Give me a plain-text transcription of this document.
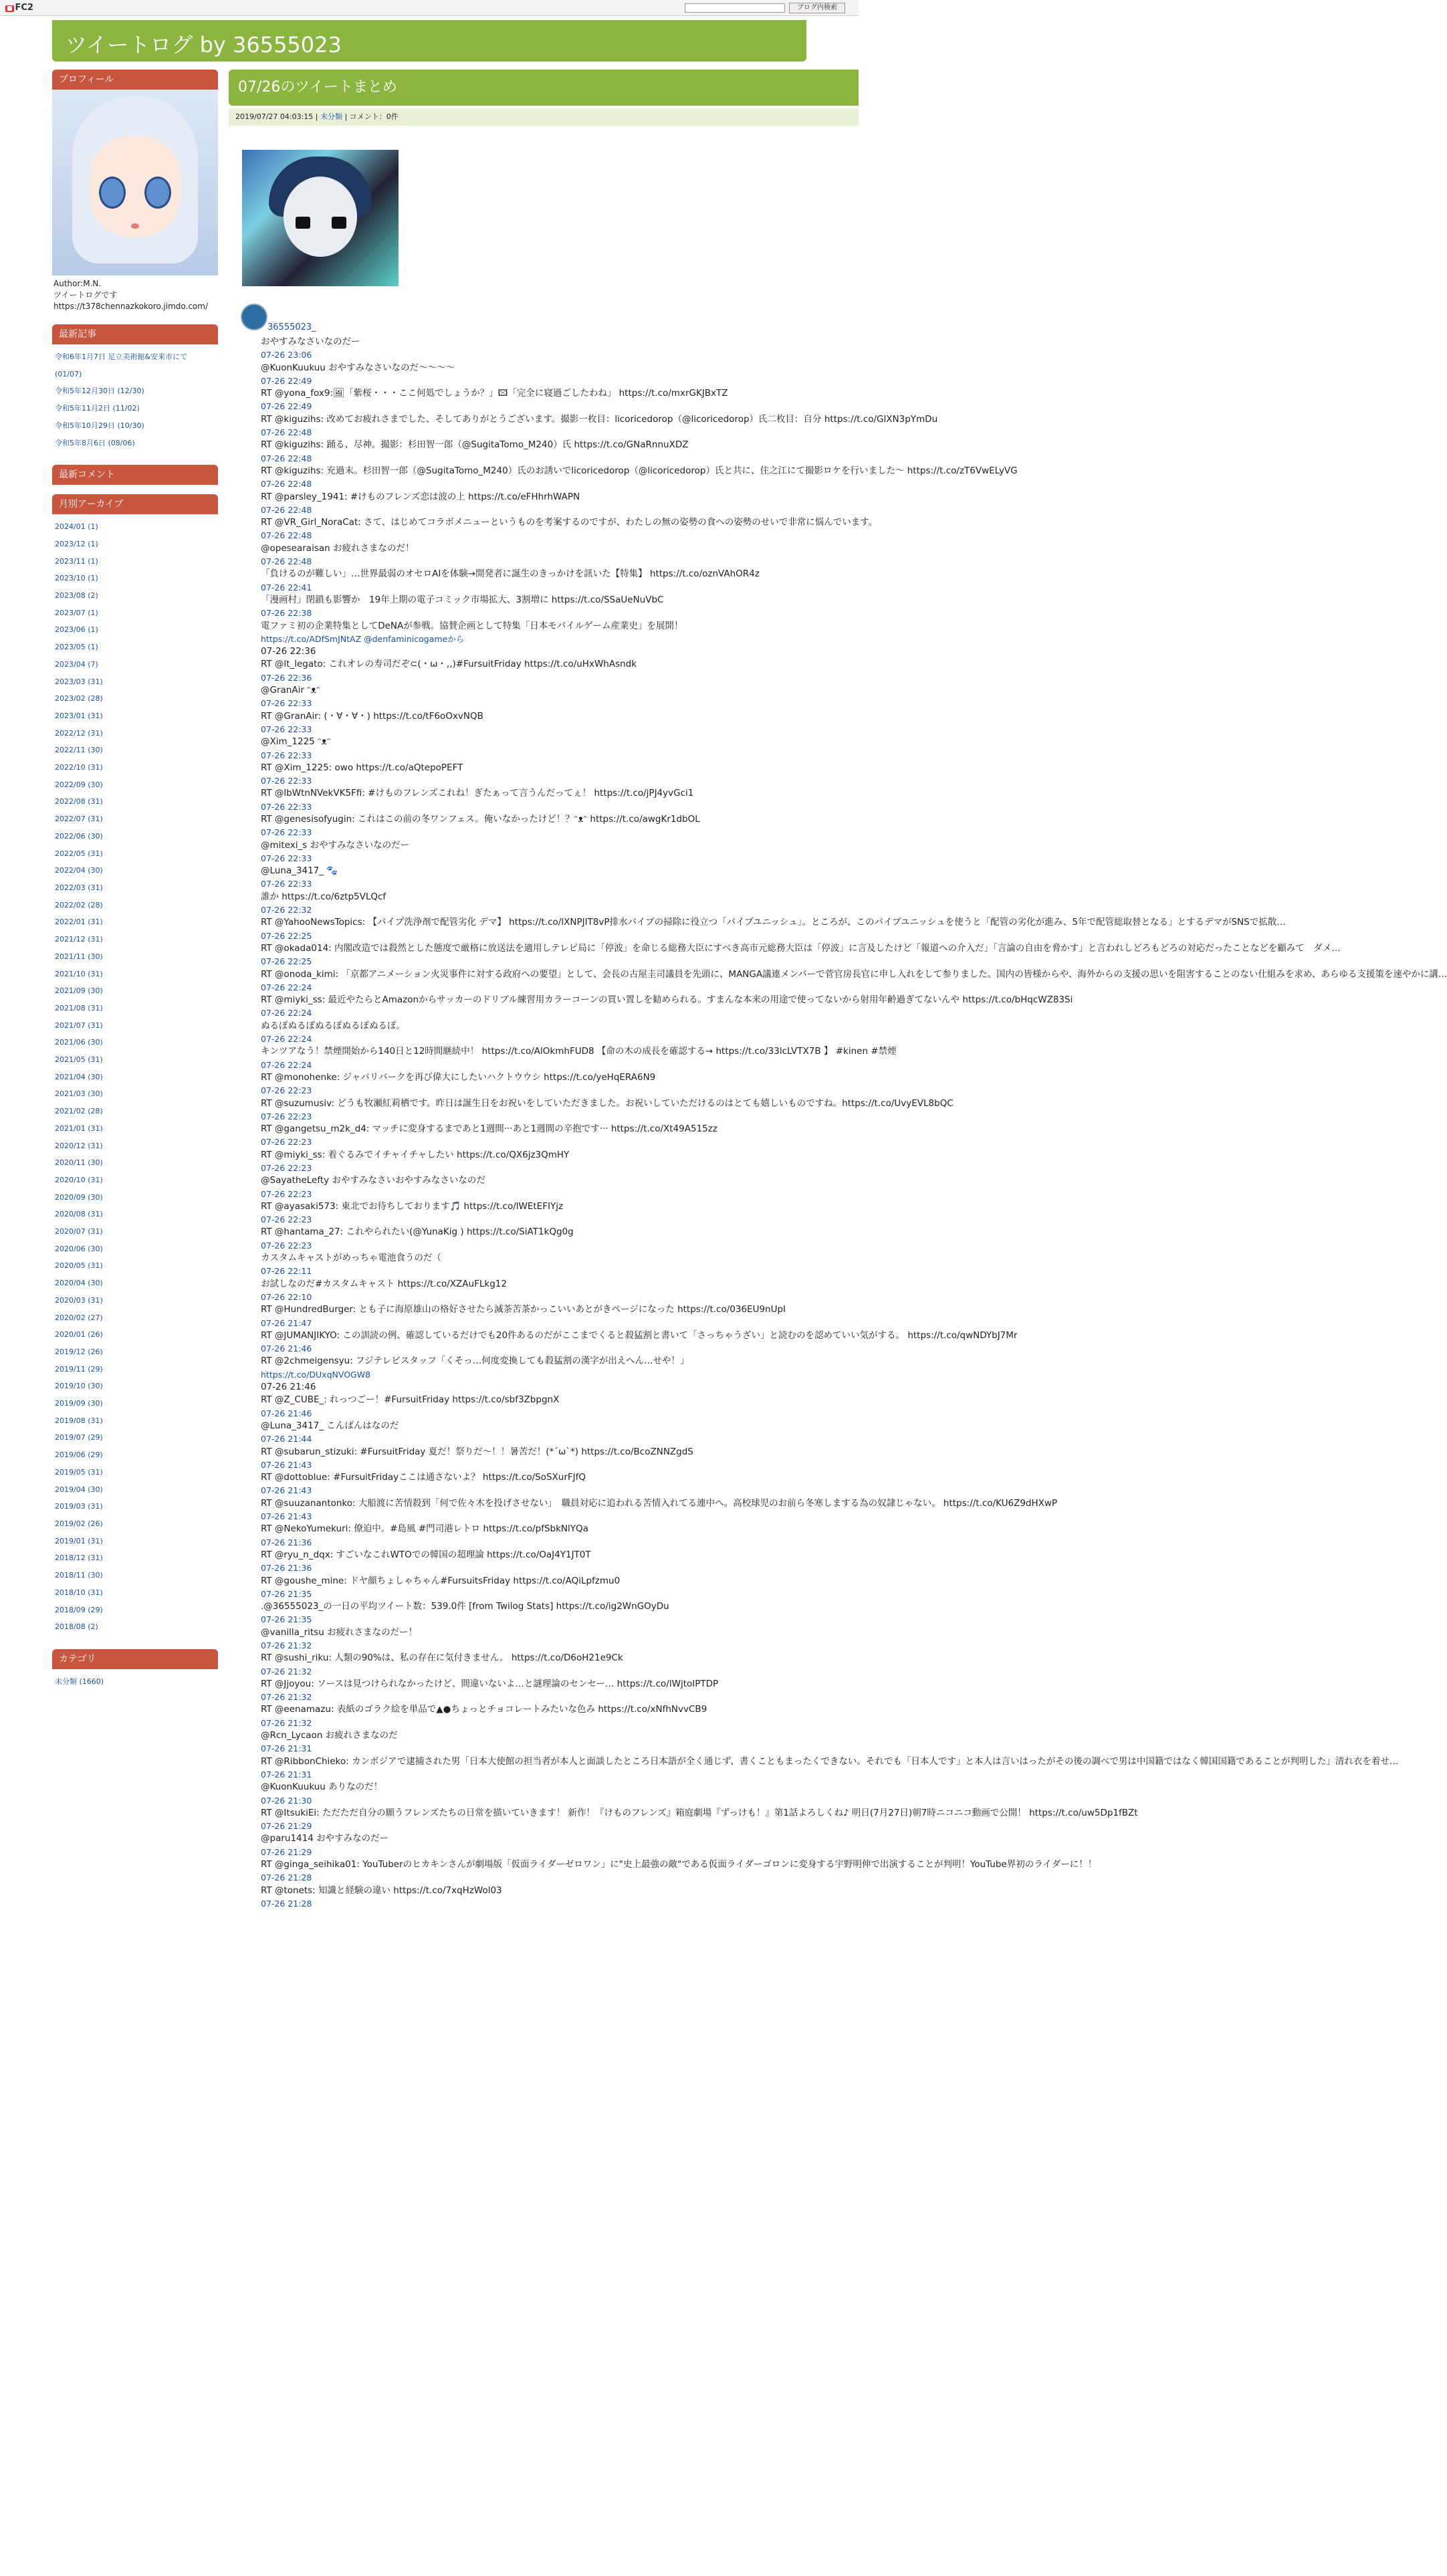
■ FC2	ブログ内検索
ツイートログ by 36555023
プロフィール
Author:M.N.
ツイートログです
https://t378chennazkokoro.jimdo.com/
最新記事
令和6年1月7日 足立美術館&安来市にて (01/07)
令和5年12月30日 (12/30)
令和5年11月2日 (11/02)
令和5年10月29日 (10/30)
令和5年8月6日 (08/06)
最新コメント
月別アーカイブ
2024/01 (1)
2023/12 (1)
2023/11 (1)
2023/10 (1)
2023/08 (2)
2023/07 (1)
2023/06 (1)
2023/05 (1)
2023/04 (7)
2023/03 (31)
2023/02 (28)
2023/01 (31)
2022/12 (31)
2022/11 (30)
2022/10 (31)
2022/09 (30)
2022/08 (31)
2022/07 (31)
2022/06 (30)
2022/05 (31)
2022/04 (30)
2022/03 (31)
2022/02 (28)
2022/01 (31)
2021/12 (31)
2021/11 (30)
2021/10 (31)
2021/09 (30)
2021/08 (31)
2021/07 (31)
2021/06 (30)
2021/05 (31)
2021/04 (30)
2021/03 (30)
2021/02 (28)
2021/01 (31)
2020/12 (31)
2020/11 (30)
2020/10 (31)
2020/09 (30)
2020/08 (31)
2020/07 (31)
2020/06 (30)
2020/05 (31)
2020/04 (30)
2020/03 (31)
2020/02 (27)
2020/01 (26)
2019/12 (26)
2019/11 (29)
2019/10 (30)
2019/09 (30)
2019/08 (31)
2019/07 (29)
2019/06 (29)
2019/05 (31)
2019/04 (30)
2019/03 (31)
2019/02 (26)
2019/01 (31)
2018/12 (31)
2018/11 (30)
2018/10 (31)
2018/09 (29)
2018/08 (2)
カテゴリ
未分類 (1660)
07/26のツイートまとめ
2019/07/27 04:03:15 | 未分類 | コメント：0件
36555023_
おやすみなさいなのだー
07-26 23:06
@KuonKuukuu おやすみなさいなのだ〜〜〜〜
07-26 22:49
RT @yona_fox9:🖼「紫桜・・・ここ何処でしょうか？」🖾「完全に寝過ごしたわね」 https://t.co/mxrGKJBxTZ
07-26 22:49
RT @kiguzihs: 改めてお疲れさまでした、そしてありがとうございます。撮影一枚目：licoricedorop（@licoricedorop）氏二枚目：自分 https://t.co/GlXN3pYmDu
07-26 22:48
RT @kiguzihs: 踊る、尽神。撮影：杉田智一郎（@SugitaTomo_M240）氏 https://t.co/GNaRnnuXDZ
07-26 22:48
RT @kiguzihs: 充過末。杉田智一郎（@SugitaTomo_M240）氏のお誘いでlicoricedorop（@licoricedorop）氏と共に、住之江にて撮影ロケを行いました〜 https://t.co/zT6VwELyVG
07-26 22:48
RT @parsley_1941: #けものフレンズ恋は波の上 https://t.co/eFHhrhWAPN
07-26 22:48
RT @VR_Girl_NoraCat: さて、はじめてコラボメニューというものを考案するのですが、わたしの無の姿勢の食への姿勢のせいで非常に悩んでいます。
07-26 22:48
@opesearaisan お疲れさまなのだ！
07-26 22:48
「負けるのが難しい」…世界最弱のオセロAIを体験→開発者に誕生のきっかけを訊いた【特集】 https://t.co/oznVAhOR4z
07-26 22:41
「漫画村」閉鎖も影響か　19年上期の電子コミック市場拡大、3割増に https://t.co/SSaUeNuVbC
07-26 22:38
電ファミ初の企業特集としてDeNAが参戦。協賛企画として特集「日本モバイルゲーム産業史」を展開！
https://t.co/ADfSmJNtAZ @denfaminicogameから
07-26 22:36
RT @lt_legato: これオレの寿司だぞ⊂(・ω・,,)#FursuitFriday https://t.co/uHxWhAsndk
07-26 22:36
@GranAir ᵔᴥᵔ
07-26 22:33
RT @GranAir: (・∀・∀・) https://t.co/tF6oOxvNQB
07-26 22:33
@Xim_1225 ᵔᴥᵔ
07-26 22:33
RT @Xim_1225: owo https://t.co/aQtepoPEFT
07-26 22:33
RT @lbWtnNVekVK5Ffi: #けものフレンズこれね！ぎたぁって言うんだってぇ！ https://t.co/jPJ4yvGci1
07-26 22:33
RT @genesisofyugin: これはこの前の冬ワンフェス。俺いなかったけど！？ᵔᴥᵔ https://t.co/awgKr1dbOL
07-26 22:33
@mitexi_s おやすみなさいなのだー
07-26 22:33
@Luna_3417_ 🐾
07-26 22:33
誰か https://t.co/6ztp5VLQcf
07-26 22:32
RT @YahooNewsTopics: 【パイプ洗浄剤で配管劣化 デマ】 https://t.co/lXNPJIT8vP排水パイプの掃除に役立つ「パイプユニッシュ」。ところが、このパイプユニッシュを使うと「配管の劣化が進み、5年で配管総取替となる」とするデマがSNSで拡散…
07-26 22:25
RT @okada014: 内閣改造では殺然とした態度で厳格に放送法を適用しテレビ局に「停波」を命じる総務大臣にすべき高市元総務大臣は「停波」に言及したけど「報道への介入だ」「言論の自由を脅かす」と言われしどろもどろの対応だったことなどを顧みて　ダメ…
07-26 22:25
RT @onoda_kimi: 「京都アニメーション火災事件に対する政府への要望」として、会長の古屋圭司議員を先頭に、MANGA議連メンバーで菅官房長官に申し入れをして参りました。国内の皆様からや、海外からの支援の思いを阻害することのない仕組みを求め、あらゆる支援策を速やかに講…
07-26 22:24
RT @miyki_ss: 最近やたらとAmazonからサッカーのドリブル練習用カラーコーンの買い置しを勧められる。すまんな本来の用途で使ってないから射用年齢過ぎてないんや https://t.co/bHqcWZ83Si
07-26 22:24
ぬるぽぬるぽぬるぽぬるぽぬるぽ。
07-26 22:24
キンツアなう！禁煙開始から140日と12時間継続中！ https://t.co/AlOkmhFUD8 【命の木の成長を確認する→ https://t.co/33lcLVTX7B 】 #kinen #禁煙
07-26 22:24
RT @monohenke: ジャパリバークを再び偉大にしたいハクトウウシ https://t.co/yeHqERA6N9
07-26 22:23
RT @suzumusiv: どうも牧瀬紅莉栖です。昨日は誕生日をお祝いをしていただきました。お祝いしていただけるのはとても嬉しいものですね。https://t.co/UvyEVL8bQC
07-26 22:23
RT @gangetsu_m2k_d4: マッチに変身するまであと1週間···あと1週間の辛抱です··· https://t.co/Xt49A515zz
07-26 22:23
RT @miyki_ss: 着ぐるみでイチャイチャしたい https://t.co/QX6jz3QmHY
07-26 22:23
@SayatheLefty おやすみなさいおやすみなさいなのだ
07-26 22:23
RT @ayasaki573: 東北でお待ちしております🎵 https://t.co/lWEtEFIYjz
07-26 22:23
RT @hantama_27: これやられたい(@YunaKig ) https://t.co/SiAT1kQg0g
07-26 22:23
カスタムキャストがめっちゃ電池食うのだ（
07-26 22:11
お試しなのだ#カスタムキャスト https://t.co/XZAuFLkg12
07-26 22:10
RT @HundredBurger: とも子に海原雄山の格好させたら滅茶苦茶かっこいいあとがきページになった https://t.co/036EU9nUpI
07-26 21:47
RT @JUMANJIKYO: この訓読の例、確認しているだけでも20件あるのだがここまでくると殺猛割と書いて「さっちゃうざい」と読むのを認めていい気がする。 https://t.co/qwNDYbJ7Mr
07-26 21:46
RT @2chmeigensyu: フジテレビスタッフ「くそっ…何度変換しても殺猛割の漢字が出えへん…せや！」
https://t.co/DUxqNVOGW8
07-26 21:46
RT @Z_CUBE_: れっつごー！#FursuitFriday https://t.co/sbf3ZbpgnX
07-26 21:46
@Luna_3417_ こんばんはなのだ
07-26 21:44
RT @subarun_stizuki: #FursuitFriday 夏だ！祭りだ〜！！暑苦だ！(*´ω`*) https://t.co/BcoZNNZgdS
07-26 21:43
RT @dottoblue: #FursuitFridayここは通さないよ？ https://t.co/SoSXurFJfQ
07-26 21:43
RT @suuzanantonko: 大船渡に苦情殺到「何で佐々木を投げさせない」　職員対応に追われる苦情入れてる連中へ。高校球児のお前ら冬寒しまする為の奴隷じゃない。 https://t.co/KU6Z9dHXwP
07-26 21:43
RT @NekoYumekuri: 僚迫中。#島風 #門司港レトロ https://t.co/pfSbkNlYQa
07-26 21:36
RT @ryu_n_dqx: すごいなこれWTOでの韓国の超理論 https://t.co/OaJ4Y1JT0T
07-26 21:36
RT @goushe_mine: ドヤ顔ちょしゃちゃん#FursuitsFriday https://t.co/AQiLpfzmu0
07-26 21:35
.@36555023_の一日の平均ツイート数：539.0件 [from Twilog Stats] https://t.co/ig2WnGOyDu
07-26 21:35
@vanilla_ritsu お疲れさまなのだー！
07-26 21:32
RT @sushi_riku: 人類の90%は、私の存在に気付きません。 https://t.co/D6oH21e9Ck
07-26 21:32
RT @Jjoyou: ソースは見つけられなかったけど、間違いないよ…と謎理論のセンセー… https://t.co/lWjtoIPTDP
07-26 21:32
RT @eenamazu: 表紙のゴラク絵を単品で▲●ちょっとチョコレートみたいな色み https://t.co/xNfhNvvCB9
07-26 21:32
@Rcn_Lycaon お疲れさまなのだ
07-26 21:31
RT @RibbonChieko: カンボジアで逮捕された男「日本大使館の担当者が本人と面談したところ日本語が全く通じず、書くこともまったくできない。それでも「日本人です」と本人は言いはったがその後の調べで男は中国籍ではなく韓国国籍であることが判明した」清れ衣を着せ…
07-26 21:31
@KuonKuukuu ありなのだ！
07-26 21:30
RT @ItsukiEi: ただただ自分の願うフレンズたちの日常を描いていきます！ 新作！『けものフレンズ』箱庭劇場『ずっけも！』第1話よろしくね♪ 明日(7月27日)朝7時ニコニコ動画で公開！ https://t.co/uw5Dp1fBZt
07-26 21:29
@paru1414 おやすみなのだー
07-26 21:29
RT @ginga_seihika01: YouTuberのヒカキンさんが劇場版「仮面ライダーゼロワン」に"史上最強の敵"である仮面ライダーゴロンに変身する宇野明伸で出演することが判明！YouTube界初のライダーに！！
07-26 21:28
RT @tonets: 知識と経験の違い https://t.co/7xqHzWol03
07-26 21:28
